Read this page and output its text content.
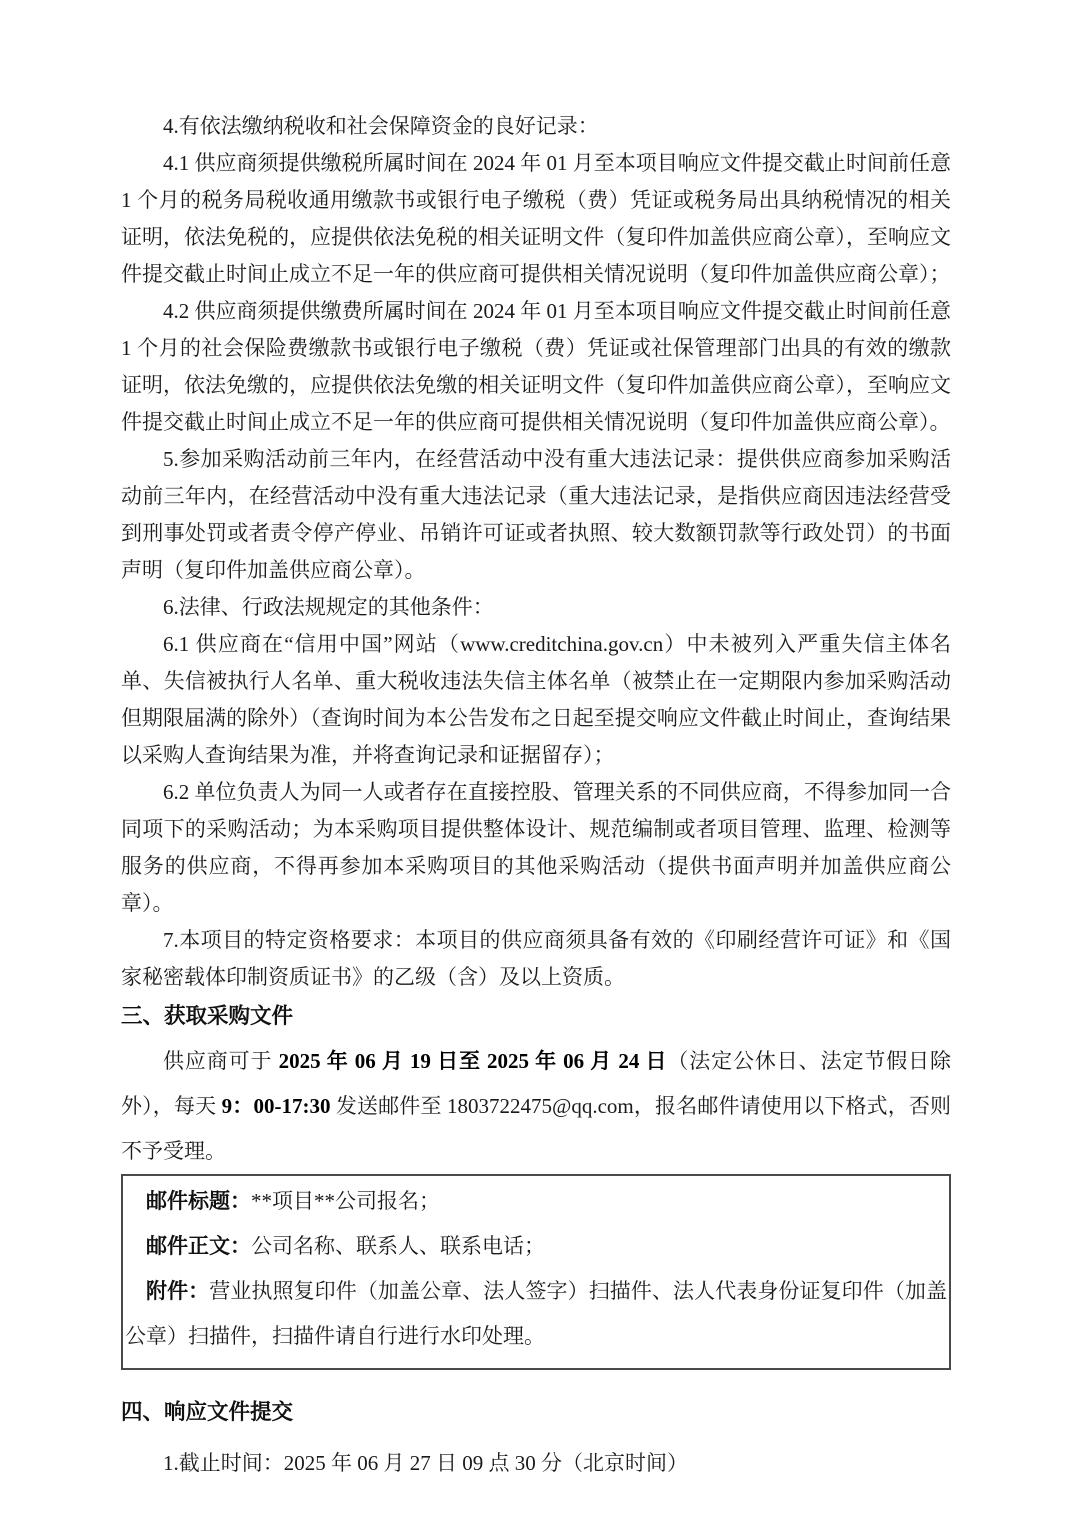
4.有依法缴纳税收和社会保障资金的良好记录：

4.1 供应商须提供缴税所属时间在 2024 年 01 月至本项目响应文件提交截止时间前任意 1 个月的税务局税收通用缴款书或银行电子缴税（费）凭证或税务局出具纳税情况的相关证明，依法免税的，应提供依法免税的相关证明文件（复印件加盖供应商公章），至响应文件提交截止时间止成立不足一年的供应商可提供相关情况说明（复印件加盖供应商公章）；

4.2 供应商须提供缴费所属时间在 2024 年 01 月至本项目响应文件提交截止时间前任意 1 个月的社会保险费缴款书或银行电子缴税（费）凭证或社保管理部门出具的有效的缴款证明，依法免缴的，应提供依法免缴的相关证明文件（复印件加盖供应商公章），至响应文件提交截止时间止成立不足一年的供应商可提供相关情况说明（复印件加盖供应商公章）。

5.参加采购活动前三年内，在经营活动中没有重大违法记录：提供供应商参加采购活动前三年内，在经营活动中没有重大违法记录（重大违法记录，是指供应商因违法经营受到刑事处罚或者责令停产停业、吊销许可证或者执照、较大数额罚款等行政处罚）的书面声明（复印件加盖供应商公章）。

6.法律、行政法规规定的其他条件：

6.1 供应商在“信用中国”网站（www.creditchina.gov.cn）中未被列入严重失信主体名单、失信被执行人名单、重大税收违法失信主体名单（被禁止在一定期限内参加采购活动但期限届满的除外）（查询时间为本公告发布之日起至提交响应文件截止时间止，查询结果以采购人查询结果为准，并将查询记录和证据留存）；

6.2 单位负责人为同一人或者存在直接控股、管理关系的不同供应商，不得参加同一合同项下的采购活动；为本采购项目提供整体设计、规范编制或者项目管理、监理、检测等服务的供应商，不得再参加本采购项目的其他采购活动（提供书面声明并加盖供应商公章）。

7.本项目的特定资格要求：本项目的供应商须具备有效的《印刷经营许可证》和《国家秘密载体印制资质证书》的乙级（含）及以上资质。

三、获取采购文件

供应商可于 2025 年 06 月 19 日至 2025 年 06 月 24 日（法定公休日、法定节假日除外），每天 9：00-17:30 发送邮件至 1803722475@qq.com，报名邮件请使用以下格式，否则不予受理。

邮件标题：**项目**公司报名；

邮件正文：公司名称、联系人、联系电话；

附件：营业执照复印件（加盖公章、法人签字）扫描件、法人代表身份证复印件（加盖公章）扫描件，扫描件请自行进行水印处理。

四、响应文件提交

1.截止时间：2025 年 06 月 27 日 09 点 30 分（北京时间）
